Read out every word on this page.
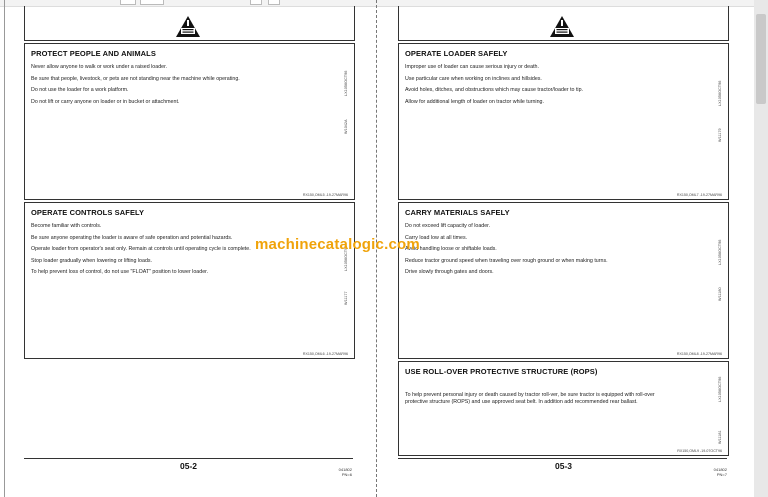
PROTECT PEOPLE AND ANIMALS

Never allow anyone to walk or work under a raised loader.

Be sure that people, livestock, or pets are not standing near the machine while operating.

Do not use the loader for a work platform.

Do not lift or carry anyone on loader or in bucket or attachment.

LX1056OCT96
W1042A
RX150,OML5 -19-27MAR96
OPERATE CONTROLS SAFELY

Become familiar with controls.

Be sure anyone operating the loader is aware of safe operation and potential hazards.

Operate loader from operator's seat only. Remain at controls until operating cycle is complete.

Stop loader gradually when lowering or lifting loads.

To help prevent loss of control, do not use "FLOAT" position to lower loader.

LX1056OCT96
W11177
RX150,OML6 -19-27MAR96
05-2	041802
PN=6
OPERATE LOADER SAFELY

Improper use of loader can cause serious injury or death.

Use particular care when working on inclines and hillsides.

Avoid holes, ditches, and obstructions which may cause tractor/loader to tip.

Allow for additional length of loader on tractor while turning.	LX1056OCT96
W11179
RX150,OML7 -19-27MAR96
CARRY MATERIALS SAFELY

Do not exceed lift capacity of loader.

Carry load low at all times.

Avoid handling loose or shiftable loads.

Reduce tractor ground speed when traveling over rough ground or when making turns.

Drive slowly through gates and doors.

LX1056OCT96
W11180
RX150,OML8 -19-27MAR96
USE ROLL-OVER PROTECTIVE STRUCTURE (ROPS)

To help prevent personal injury or death caused by tractor roll-ver, be sure tractor is equipped with roll-over protective structure (ROPS) and use approved seat belt. In addition add recommended rear ballast.	LX1056OCT96
W11181
RX150,OML9 -19-07OCT96
05-3	041802
PN=7
machinecatalogic.com
